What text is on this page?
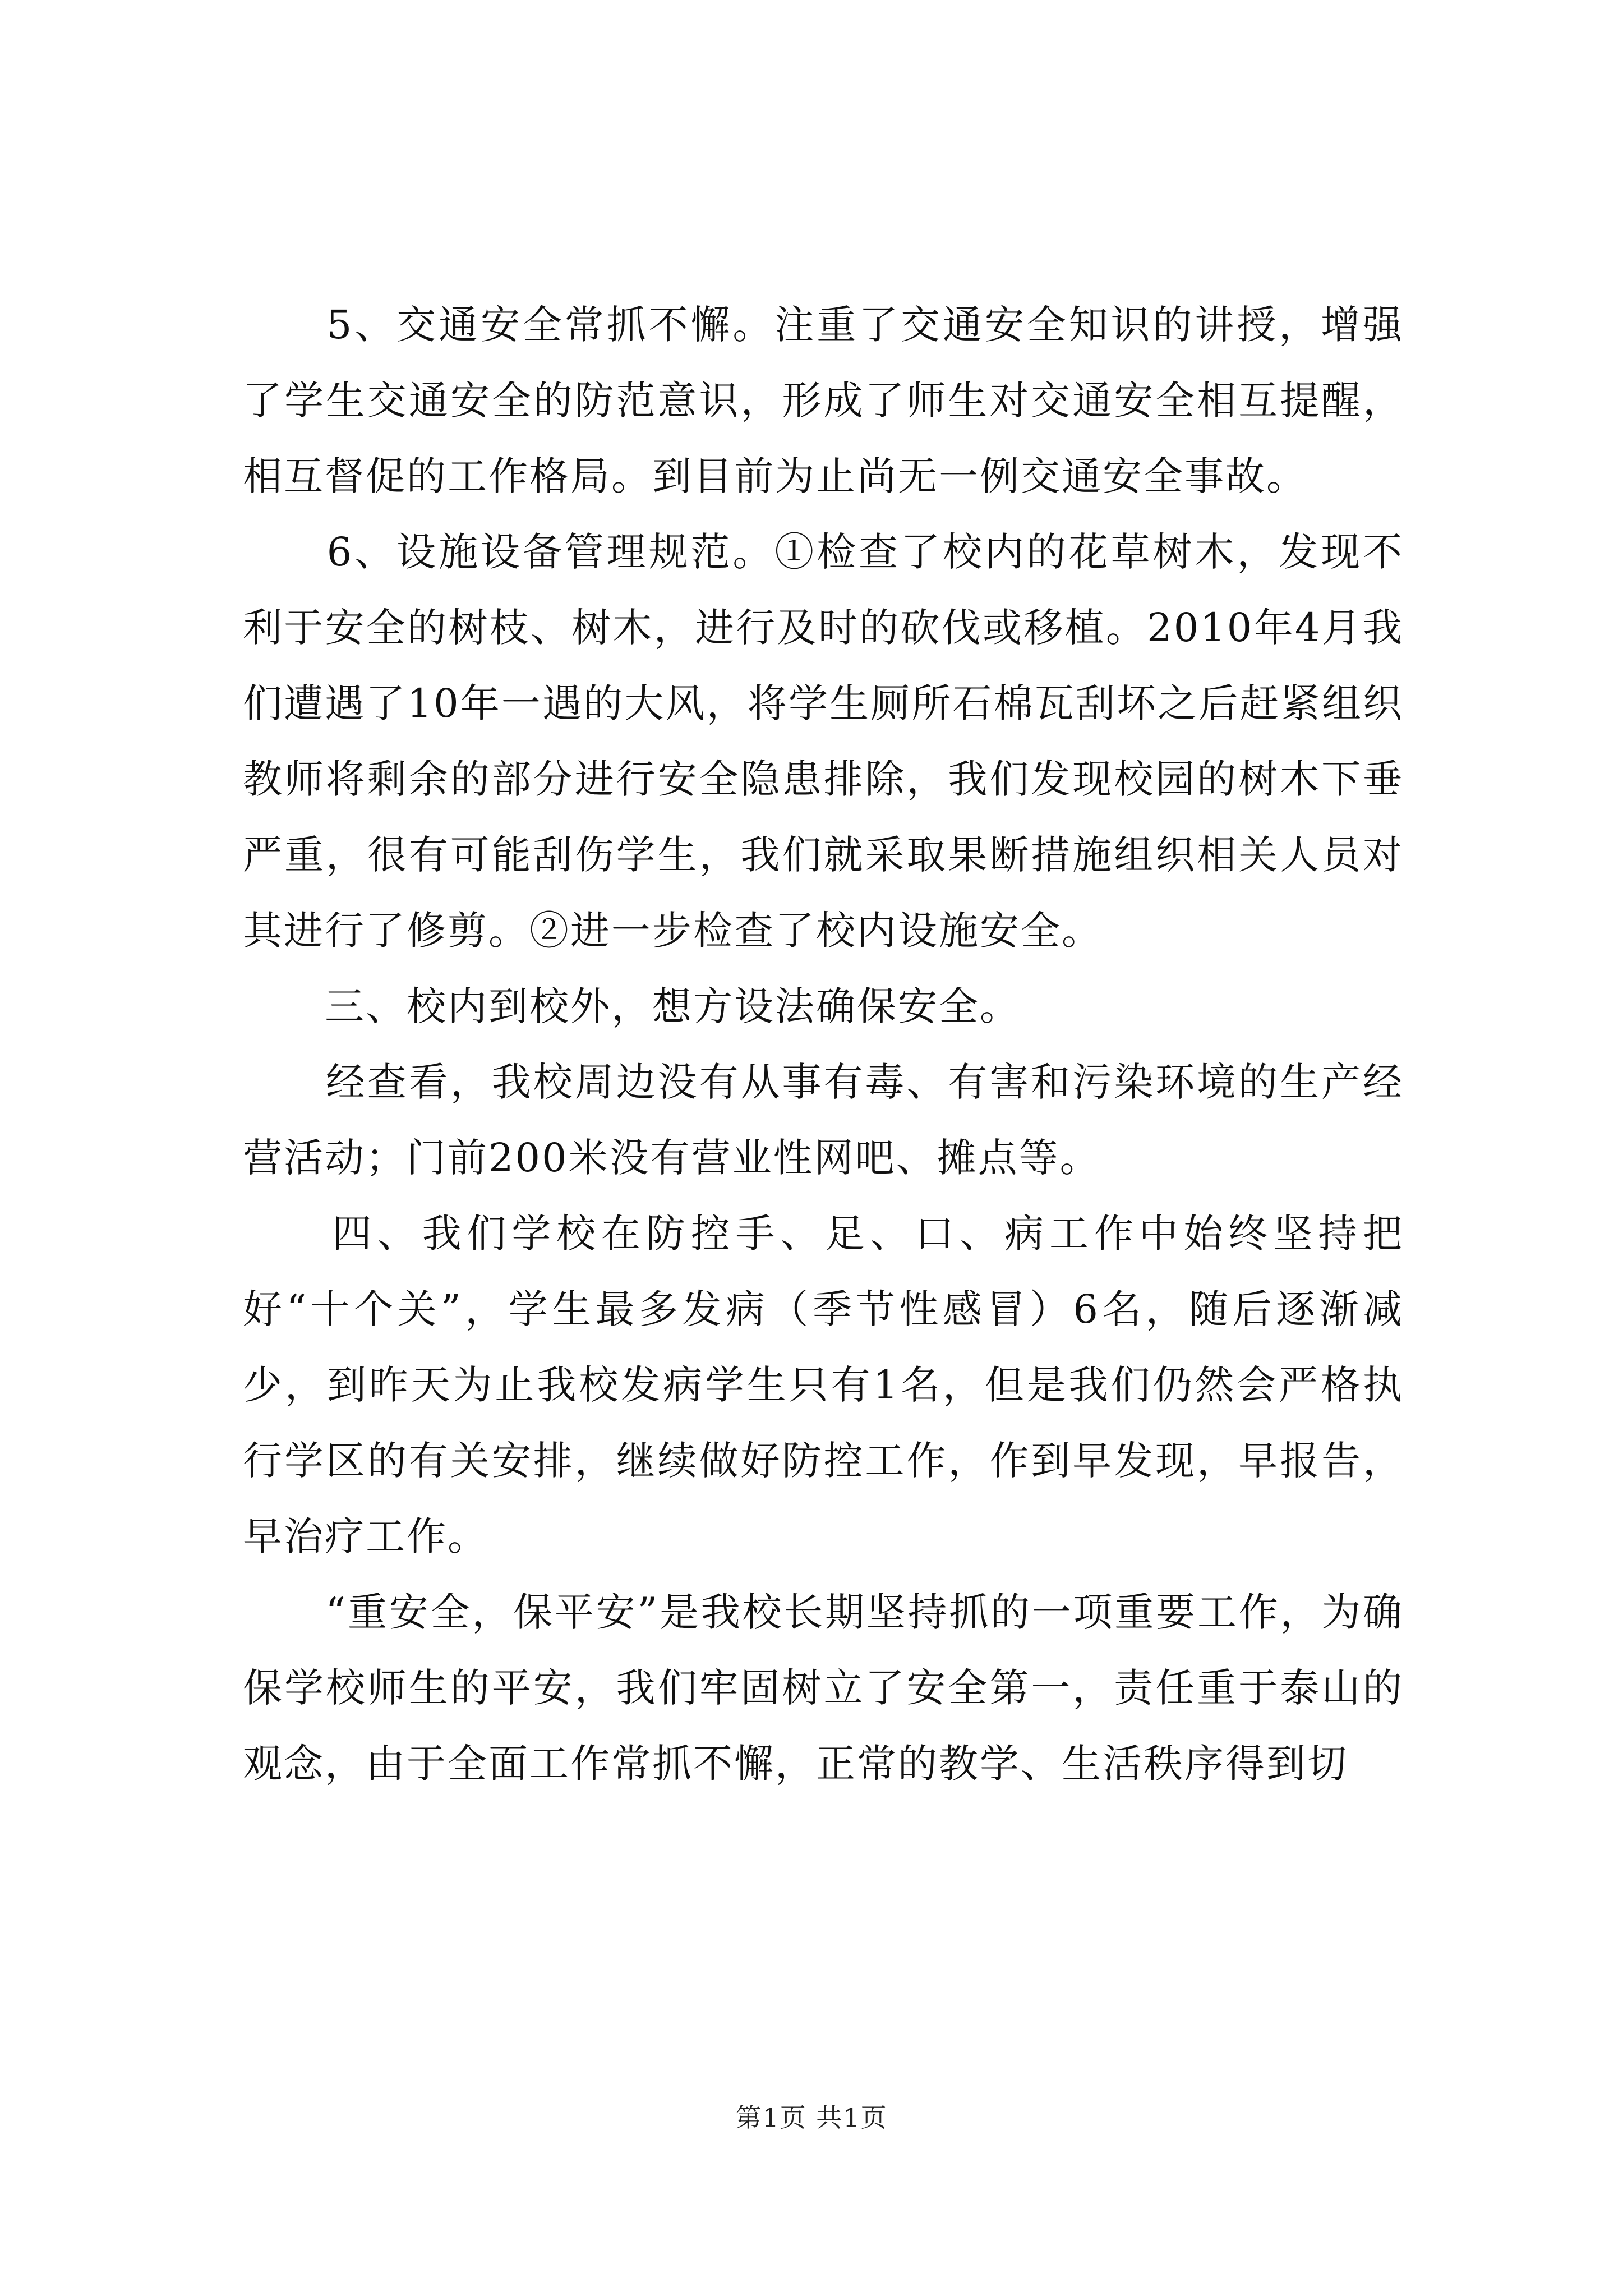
　　5、交通安全常抓不懈。注重了交通安全知识的讲授，增强了学生交通安全的防范意识，形成了师生对交通安全相互提醒，相互督促的工作格局。到目前为止尚无一例交通安全事故。

　　6、设施设备管理规范。①检查了校内的花草树木，发现不利于安全的树枝、树木，进行及时的砍伐或移植。2010年4月我们遭遇了10年一遇的大风，将学生厕所石棉瓦刮坏之后赶紧组织教师将剩余的部分进行安全隐患排除，我们发现校园的树木下垂严重，很有可能刮伤学生，我们就采取果断措施组织相关人员对其进行了修剪。②进一步检查了校内设施安全。

　　三、校内到校外，想方设法确保安全。

　　经查看，我校周边没有从事有毒、有害和污染环境的生产经营活动；门前200米没有营业性网吧、摊点等。

　　四、我们学校在防控手、足、口、病工作中始终坚持把好“十个关”，学生最多发病（季节性感冒）6名，随后逐渐减少，到昨天为止我校发病学生只有1名，但是我们仍然会严格执行学区的有关安排，继续做好防控工作，作到早发现，早报告，早治疗工作。

　　“重安全，保平安”是我校长期坚持抓的一项重要工作，为确保学校师生的平安，我们牢固树立了安全第一，责任重于泰山的观念，由于全面工作常抓不懈，正常的教学、生活秩序得到切

第1页 共1页
